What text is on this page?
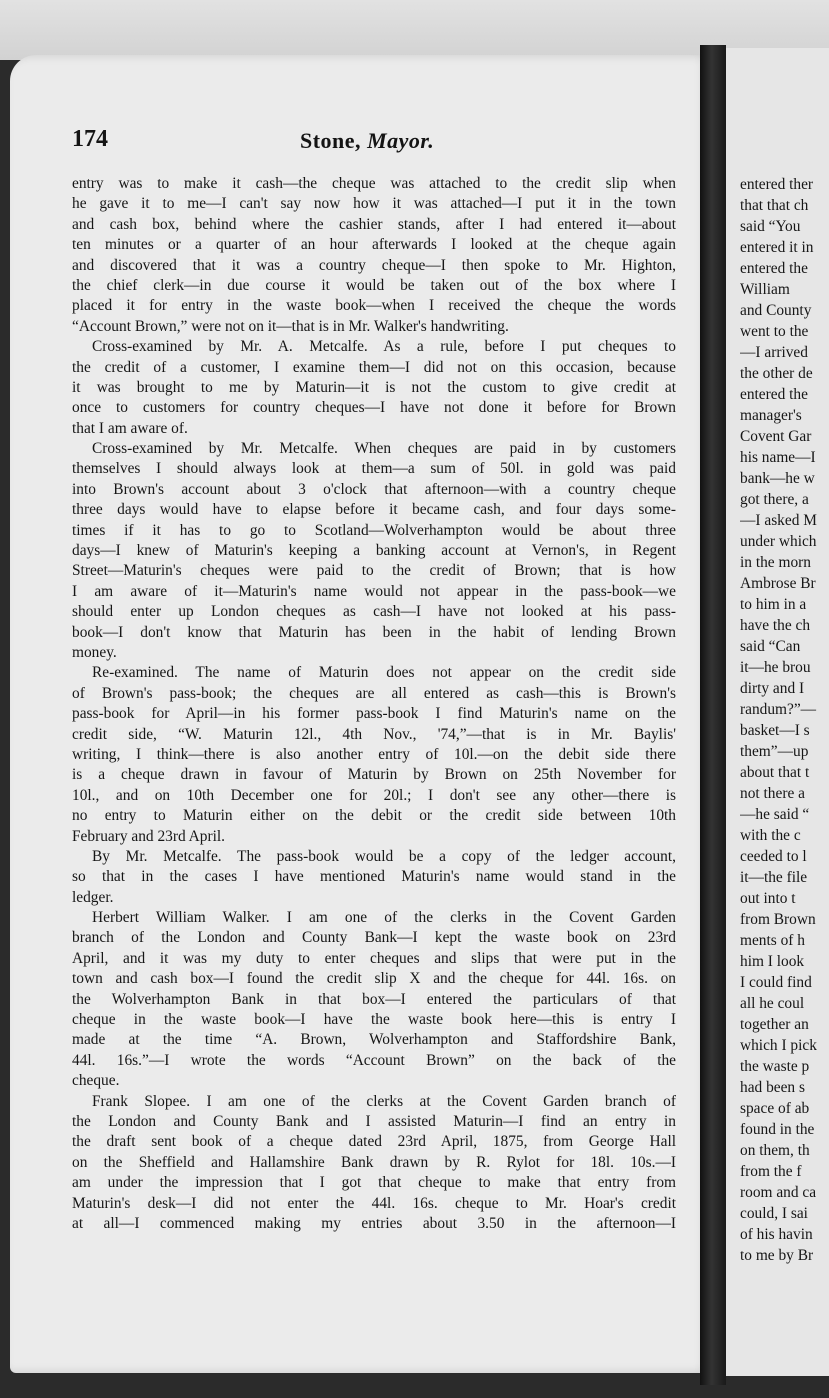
174	Stone, Mayor.
entry was to make it cash—the cheque was attached to the credit slip when
he gave it to me—I can't say now how it was attached—I put it in the town
and cash box, behind where the cashier stands, after I had entered it—about
ten minutes or a quarter of an hour afterwards I looked at the cheque again
and discovered that it was a country cheque—I then spoke to Mr. Highton,
the chief clerk—in due course it would be taken out of the box where I
placed it for entry in the waste book—when I received the cheque the words
“Account Brown,” were not on it—that is in Mr. Walker's handwriting.
Cross-examined by Mr. A. Metcalfe. As a rule, before I put cheques to
the credit of a customer, I examine them—I did not on this occasion, because
it was brought to me by Maturin—it is not the custom to give credit at
once to customers for country cheques—I have not done it before for Brown
that I am aware of.
Cross-examined by Mr. Metcalfe. When cheques are paid in by customers
themselves I should always look at them—a sum of 50l. in gold was paid
into Brown's account about 3 o'clock that afternoon—with a country cheque
three days would have to elapse before it became cash, and four days some-
times if it has to go to Scotland—Wolverhampton would be about three
days—I knew of Maturin's keeping a banking account at Vernon's, in Regent
Street—Maturin's cheques were paid to the credit of Brown; that is how
I am aware of it—Maturin's name would not appear in the pass-book—we
should enter up London cheques as cash—I have not looked at his pass-
book—I don't know that Maturin has been in the habit of lending Brown
money.
Re-examined. The name of Maturin does not appear on the credit side
of Brown's pass-book; the cheques are all entered as cash—this is Brown's
pass-book for April—in his former pass-book I find Maturin's name on the
credit side, “W. Maturin 12l., 4th Nov., '74,”—that is in Mr. Baylis'
writing, I think—there is also another entry of 10l.—on the debit side there
is a cheque drawn in favour of Maturin by Brown on 25th November for
10l., and on 10th December one for 20l.; I don't see any other—there is
no entry to Maturin either on the debit or the credit side between 10th
February and 23rd April.
By Mr. Metcalfe. The pass-book would be a copy of the ledger account,
so that in the cases I have mentioned Maturin's name would stand in the
ledger.
Herbert William Walker. I am one of the clerks in the Covent Garden
branch of the London and County Bank—I kept the waste book on 23rd
April, and it was my duty to enter cheques and slips that were put in the
town and cash box—I found the credit slip X and the cheque for 44l. 16s. on
the Wolverhampton Bank in that box—I entered the particulars of that
cheque in the waste book—I have the waste book here—this is entry I
made at the time “A. Brown, Wolverhampton and Staffordshire Bank,
44l. 16s.”—I wrote the words “Account Brown” on the back of the
cheque.
Frank Slopee. I am one of the clerks at the Covent Garden branch of
the London and County Bank and I assisted Maturin—I find an entry in
the draft sent book of a cheque dated 23rd April, 1875, from George Hall
on the Sheffield and Hallamshire Bank drawn by R. Rylot for 18l. 10s.—I
am under the impression that I got that cheque to make that entry from
Maturin's desk—I did not enter the 44l. 16s. cheque to Mr. Hoar's credit
at all—I commenced making my entries about 3.50 in the afternoon—I
entered ther
that that ch
said “You
entered it in
entered the
William
and County
went to the
—I arrived
the other de
entered the
manager's
Covent Gar
his name—I
bank—he w
got there, a
—I asked M
under which
in the morn
Ambrose Br
to him in a
have the ch
said “Can
it—he brou
dirty and I
randum?”—
basket—I s
them”—up
about that t
not there a
—he said “
with the c
ceeded to l
it—the file
out into t
from Brown
ments of h
him I look
I could find
all he coul
together an
which I pick
the waste p
had been s
space of ab
found in the
on them, th
from the f
room and ca
could, I sai
of his havin
to me by Br
